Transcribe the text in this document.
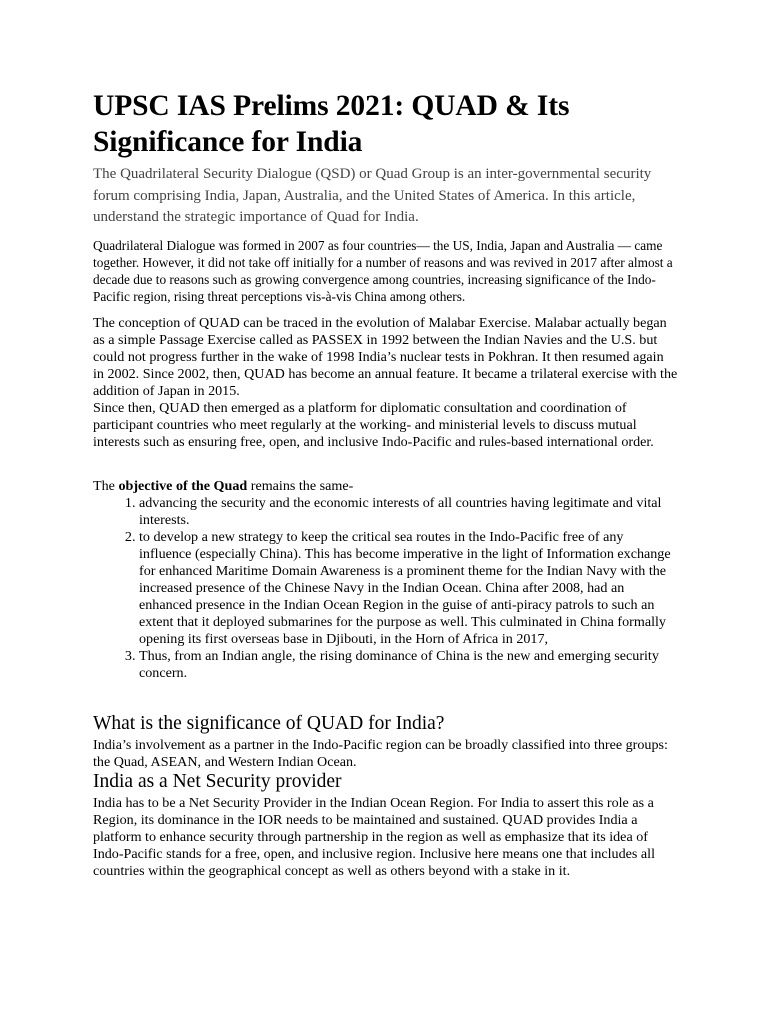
UPSC IAS Prelims 2021: QUAD & Its Significance for India

The Quadrilateral Security Dialogue (QSD) or Quad Group is an inter-governmental security forum comprising India, Japan, Australia, and the United States of America. In this article, understand the strategic importance of Quad for India.

Quadrilateral Dialogue was formed in 2007 as four countries— the US, India, Japan and Australia — came together. However, it did not take off initially for a number of reasons and was revived in 2017 after almost a decade due to reasons such as growing convergence among countries, increasing significance of the Indo-Pacific region, rising threat perceptions vis-à-vis China among others.

The conception of QUAD can be traced in the evolution of Malabar Exercise. Malabar actually began as a simple Passage Exercise called as PASSEX in 1992 between the Indian Navies and the U.S. but could not progress further in the wake of 1998 India’s nuclear tests in Pokhran. It then resumed again in 2002. Since 2002, then, QUAD has become an annual feature. It became a trilateral exercise with the addition of Japan in 2015.

Since then, QUAD then emerged as a platform for diplomatic consultation and coordination of participant countries who meet regularly at the working- and ministerial levels to discuss mutual interests such as ensuring free, open, and inclusive Indo-Pacific and rules-based international order.

The objective of the Quad remains the same-

1. advancing the security and the economic interests of all countries having legitimate and vital interests.
2. to develop a new strategy to keep the critical sea routes in the Indo-Pacific free of any influence (especially China). This has become imperative in the light of Information exchange for enhanced Maritime Domain Awareness is a prominent theme for the Indian Navy with the increased presence of the Chinese Navy in the Indian Ocean. China after 2008, had an enhanced presence in the Indian Ocean Region in the guise of anti-piracy patrols to such an extent that it deployed submarines for the purpose as well. This culminated in China formally opening its first overseas base in Djibouti, in the Horn of Africa in 2017,
3. Thus, from an Indian angle, the rising dominance of China is the new and emerging security concern.
What is the significance of QUAD for India?

India’s involvement as a partner in the Indo-Pacific region can be broadly classified into three groups: the Quad, ASEAN, and Western Indian Ocean.

India as a Net Security provider

India has to be a Net Security Provider in the Indian Ocean Region. For India to assert this role as a Region, its dominance in the IOR needs to be maintained and sustained. QUAD provides India a platform to enhance security through partnership in the region as well as emphasize that its idea of Indo-Pacific stands for a free, open, and inclusive region. Inclusive here means one that includes all countries within the geographical concept as well as others beyond with a stake in it.
